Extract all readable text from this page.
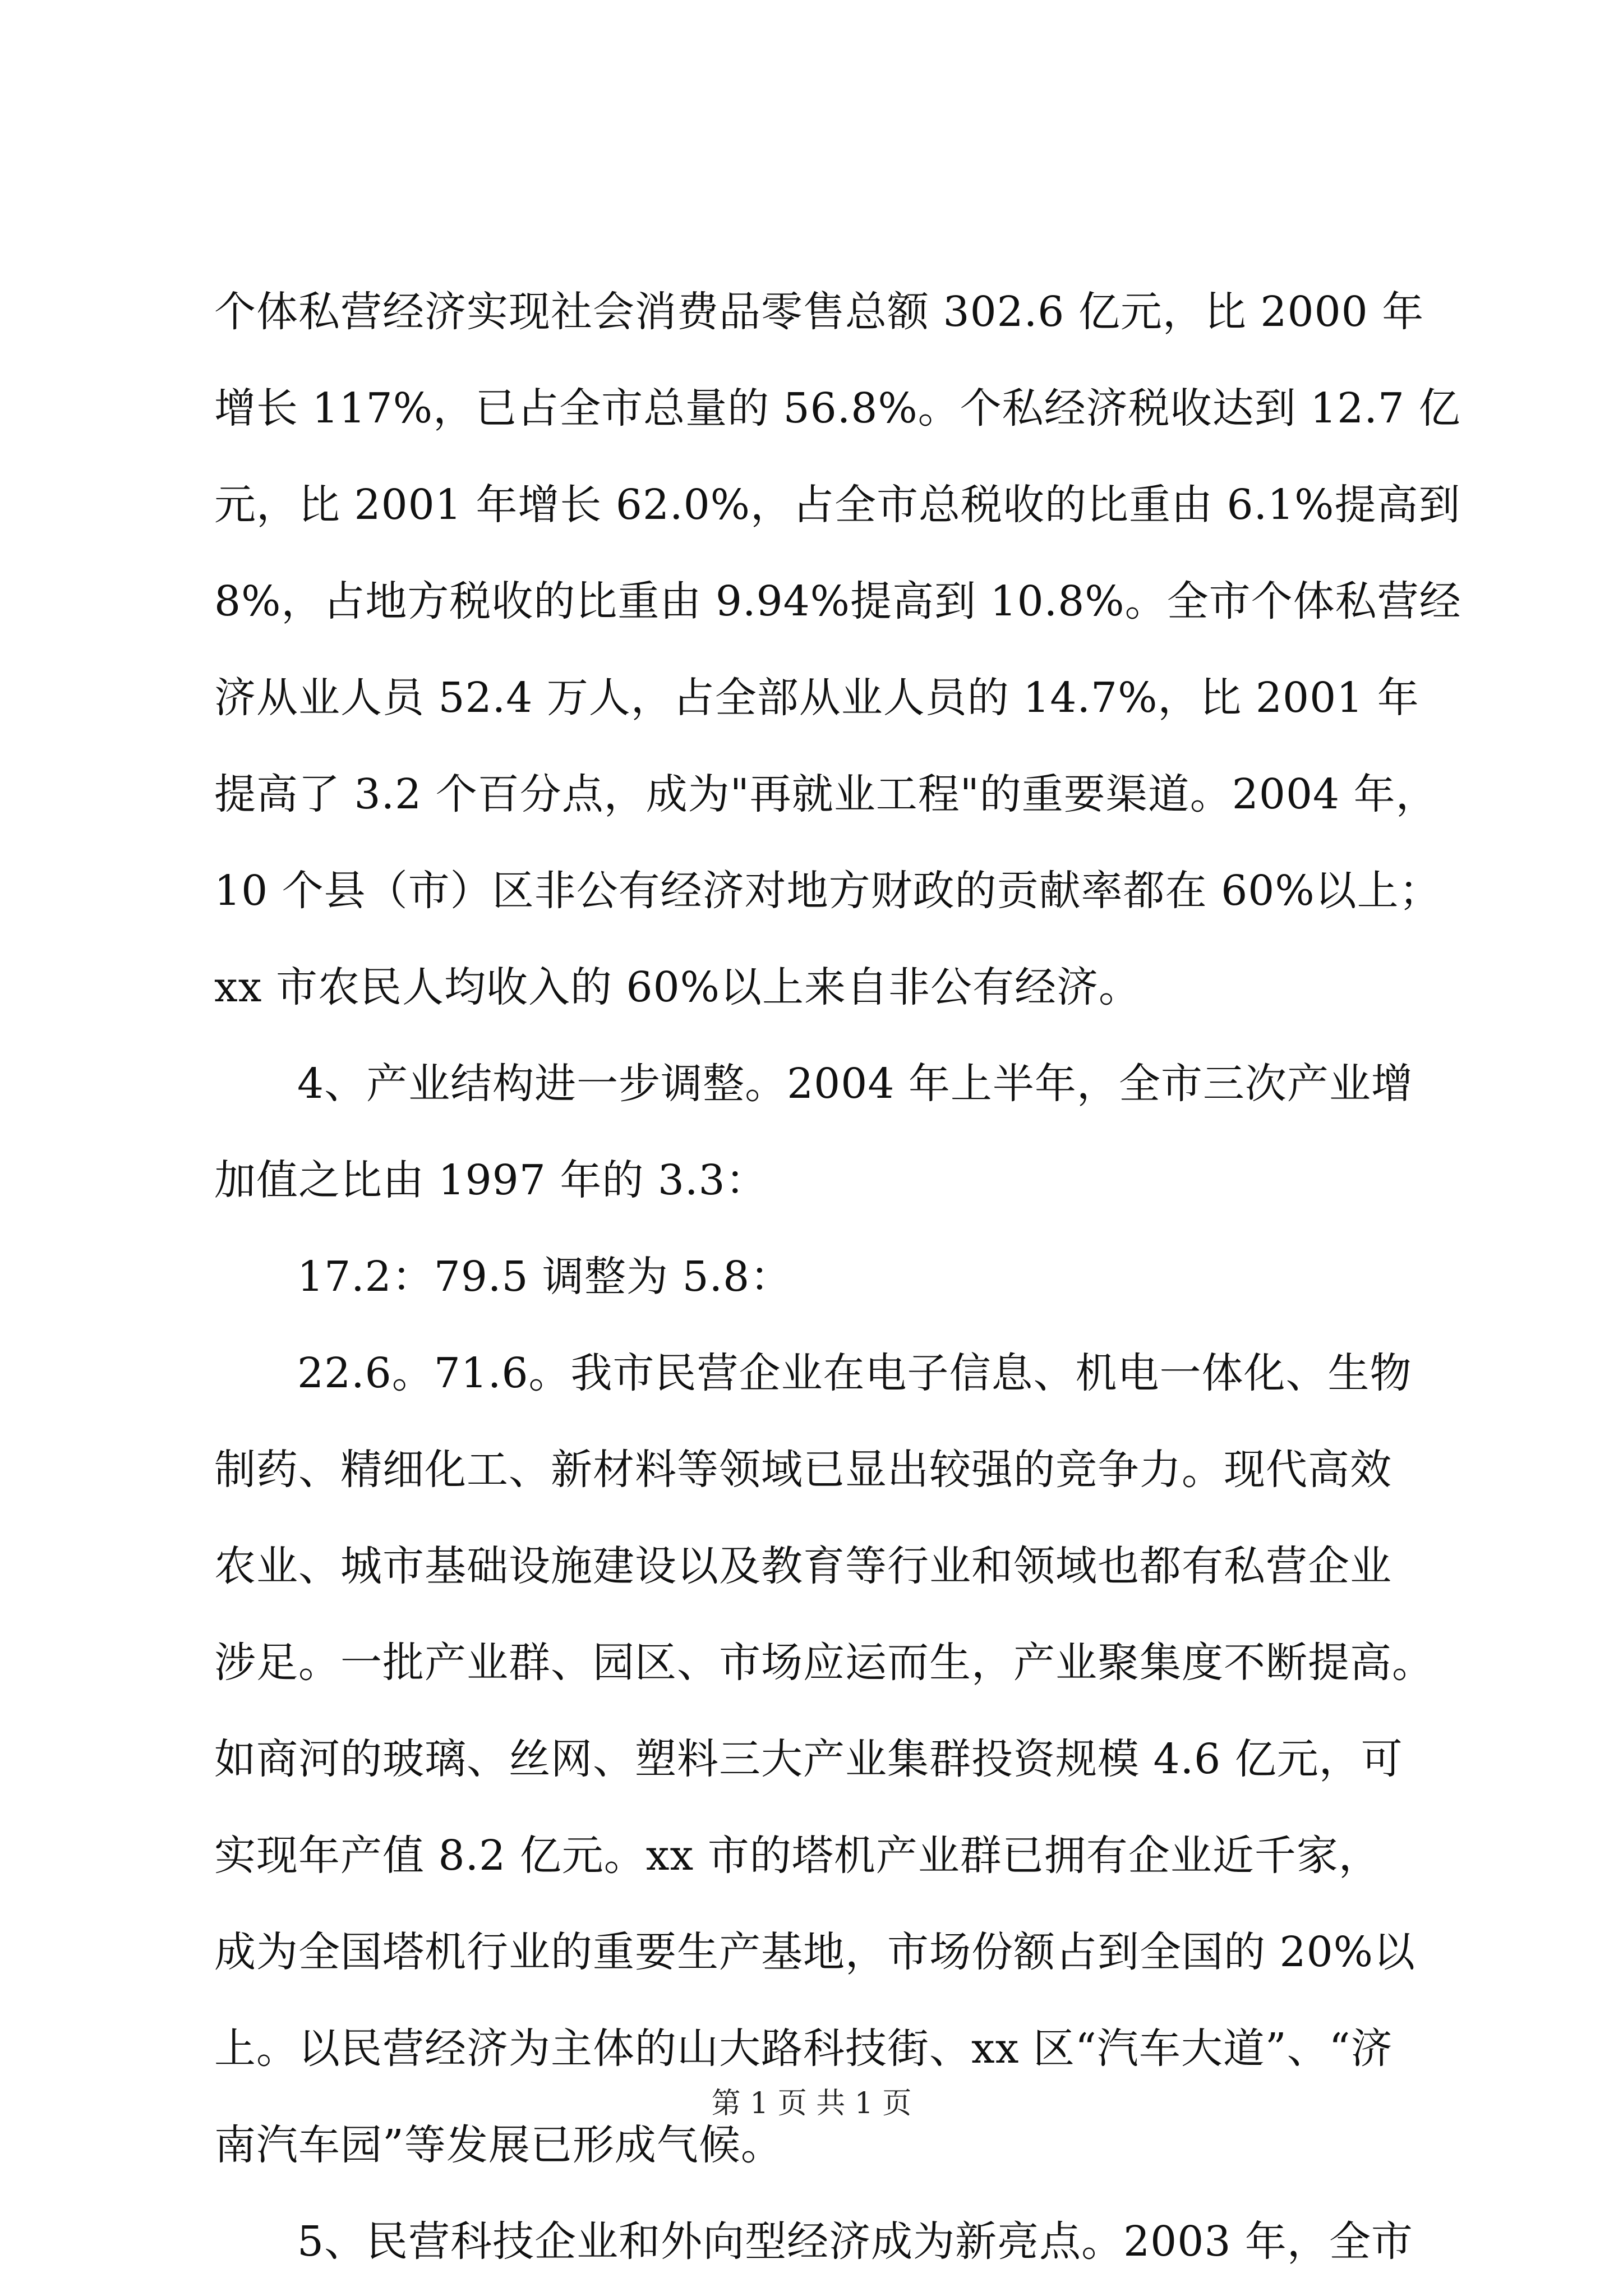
个体私营经济实现社会消费品零售总额 302.6 亿元，比 2000 年
增长 117%，已占全市总量的 56.8%。个私经济税收达到 12.7 亿
元，比 2001 年增长 62.0%，占全市总税收的比重由 6.1%提高到
8%，占地方税收的比重由 9.94%提高到 10.8%。全市个体私营经
济从业人员 52.4 万人，占全部从业人员的 14.7%，比 2001 年
提高了 3.2 个百分点，成为"再就业工程"的重要渠道。2004 年，
10 个县（市）区非公有经济对地方财政的贡献率都在 60%以上；
xx 市农民人均收入的 60%以上来自非公有经济。
4、产业结构进一步调整。2004 年上半年，全市三次产业增
加值之比由 1997 年的 3.3：
17.2：79.5 调整为 5.8：
22.6。71.6。我市民营企业在电子信息、机电一体化、生物
制药、精细化工、新材料等领域已显出较强的竞争力。现代高效
农业、城市基础设施建设以及教育等行业和领域也都有私营企业
涉足。一批产业群、园区、市场应运而生，产业聚集度不断提高。
如商河的玻璃、丝网、塑料三大产业集群投资规模 4.6 亿元，可
实现年产值 8.2 亿元。xx 市的塔机产业群已拥有企业近千家，
成为全国塔机行业的重要生产基地，市场份额占到全国的 20%以
上。以民营经济为主体的山大路科技街、xx 区“汽车大道”、“济
南汽车园”等发展已形成气候。
5、民营科技企业和外向型经济成为新亮点。2003 年，全市
第 1 页 共 1 页
